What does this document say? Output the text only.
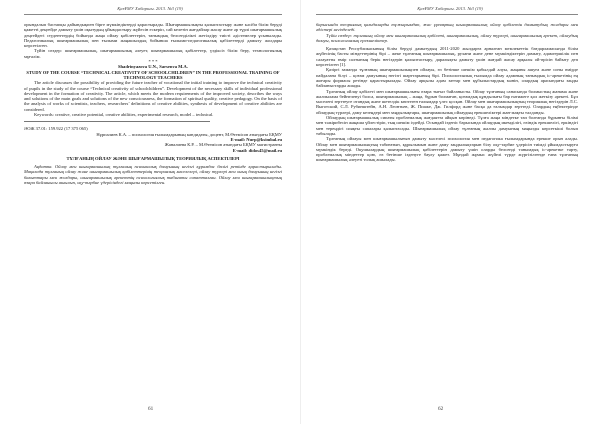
ҚазҰМУ Хабаршы. 2013. №3 (19)	ҚазҰМУ Хабаршы. 2013. №3 (19)

орындалып бастапқы дайындықпен бірге мүмкіндіктерді қарастырады. Шығармашылықты қалыптастыру және кәсіби білім беруді қажетті деңгейде дамыту үшін оқытудың ұйымдастыру жүйесін ескеріп, сай келетін жағдайлар жасау және әр түрлі шығармашылық деңгейдегі студенттердің бойында жаңа ойлау қабілеттерін, танымдық белсенділікті жетілдіру тиісті әдістемелер ұсынылады. Педагогикалық шығармашылық пен ғылыми жаңашылдық бойынша ғылыми-педагогикалық қабілеттерді дамыту жолдары көрсетілген.

Түйін сөздер: шығармашылық, шығармашылық әлеует, шығармашылық қабілеттер, үздіксіз білім беру, технологиялық мұғалім.

* * *

Shadrinyazovа U.N., Sarsenva M.A.

STUDY OF THE COURSE “TECHNICAL CREATIVITY OF SCHOOLCHILDREN” IN THE PROFESSIONAL TRAINING OF TECHNOLOGY TEACHERS

The article discusses the possibility of providing the future teacher of vocational the initial training to improve the technical creativity of pupils in the study of the course “Technical creativity of schoolchildren”. Development of the necessary skills of individual professional development in the formation of creativity. The article, which meets the modern requirements of the improved society, describes the ways and solutions of the main goals and solutions of the new consciousness, the formation of spiritual quality, creative pedagogy. On the basis of the analysis of works of scientists, teachers, researchers’ definitions of creative abilities, synthesis of development of creative abilities are considered.

Keywords: creative, creative potential, creative abilities, experimental research, model – technical.

ӘОЖ 37.01: 159.922 (17 375 065)

Нұрпалиев К.А. – психология ғылымдарының кандидаты, доцент, М.Өтемісов атындағы БҚМУ

E-mail: Nurp@ksimbal.ru

Жаналиева К.Р. – М.Өтемісов атындағы БҚМУ магистранты

E-mail: didos45@mail.ru

ТҰЛҒАНЫҢ ОЙЛАУ ЖӘНЕ ШЫҒАРМАШЫЛЫҚ ТЕОРИЯЛЫҚ АСПЕКТІЛЕРІ

Аңдатпа. Ойлау мен шығармашылық тұлғаның психикалық дамуының негізгі құрамдас бөлігі ретінде қарастырылады. Мақалада тұлғаның ойлау және шығармашылық қабілеттерінің теориялық мәселелері, ойлау түрлері мен оның дамуының негізгі бағыттары мен жолдары, шығармашылық әрекеттің психологиялық табиғаты сипатталған. Ойлау мен шығармашылықтың өзара байланысы ашылып, оқу-тәрбие үдерісіндегі маңызы көрсетілген.

61

барысында теориялық қағидаларды тұжырымдап, жас ұрпақтың шығармашылық ойлау қабілетін дамытудың жолдары мен әдістері негізделеді.

Түйін сөздер: тұлғаның ойлау мен шығармашылық қабілеті, шығармашылық, ойлау түрлері, шығармашылық әрекет, ойлаудың дамуы, психологиялық ерекшеліктер.

Қазақстан Республикасының білім беруді дамытудың 2011-2020 жылдарға арналған мемлекеттік бағдарламасында білім жүйесінің басты міндеттерінің бірі – жеке тұлғаның шығармашылық, рухани және дене мүмкіндіктерін дамыту, адамгершілік пен салауатты өмір салтының берік негіздерін қалыптастыру, даралықты дамыту үшін жағдай жасау арқылы ой-өрісін байыту деп көрсетілген [1].

Қазіргі заманда тұлғаның шығармашылықпен ойлауы, өз бетінше шешім қабылдай алуы, жаңаны ашуға және соны өмірде пайдалана білуі – қоғам дамуының негізгі шарттарының бірі. Психологиялық ғылымда ойлау адамның танымдық іс-әрекетінің ең жоғары формасы ретінде қарастырылады. Ойлау арқылы адам заттар мен құбылыстардың мәнін, олардың арасындағы заңды байланыстарды ашады.

Тұлғаның ойлау қабілеті мен шығармашылығы өзара тығыз байланысты. Ойлау тұлғаның санасында болмыстың жанама және жалпылама бейнеленуі болса, шығармашылық – жаңа, бұрын болмаған, қоғамдық құндылығы бар нәтижеге қол жеткізу әрекеті. Бұл мәселені зерттеуге отандық және шетелдік көптеген ғалымдар үлес қосқан. Ойлау мен шығармашылықтың теориялық негіздерін Л.С. Выготский, С.Л. Рубинштейн, А.Н. Леонтьев, Ж. Пиаже, Дж. Гилфорд және басқа да ғалымдар зерттеді. Олардың еңбектерінде ойлаудың түрлері, даму кезеңдері мен заңдылықтары, шығармашылық ойлаудың ерекшеліктері жан-жақты талданды.

Ойлаудың шығармашылық сипаты проблемалық жағдаятта айқын көрінеді. Тұлға жаңа міндетке тап болғанда бұрынғы білімі мен тәжірибесін жаңаша үйлестіріп, тың шешім іздейді. Осындай ізденіс барысында ойлаудың икемділігі, өзіндік ерекшелігі, еркіндігі мен тереңдігі сияқты сапалары қалыптасады. Шығармашылық ойлау тұлғаның жалпы дамуының маңызды көрсеткіші болып табылады.

Тұлғаның ойлауы мен шығармашылығын дамыту мәселесі психология мен педагогика ғылымдарында ерекше орын алады. Ойлау мен шығармашылықтың табиғатын, құрылымын және даму заңдылықтарын білу оқу-тәрбие үдерісін тиімді ұйымдастыруға мүмкіндік береді. Оқушылардың шығармашылық қабілеттерін дамыту үшін оларды белсенді танымдық іс-әрекетке тарту, проблемалық міндеттер қою, өз бетінше ізденуге баулу қажет. Мұндай жұмыс жүйелі түрде жүргізілгенде ғана тұлғаның шығармашылық әлеуеті толық ашылады.

62
